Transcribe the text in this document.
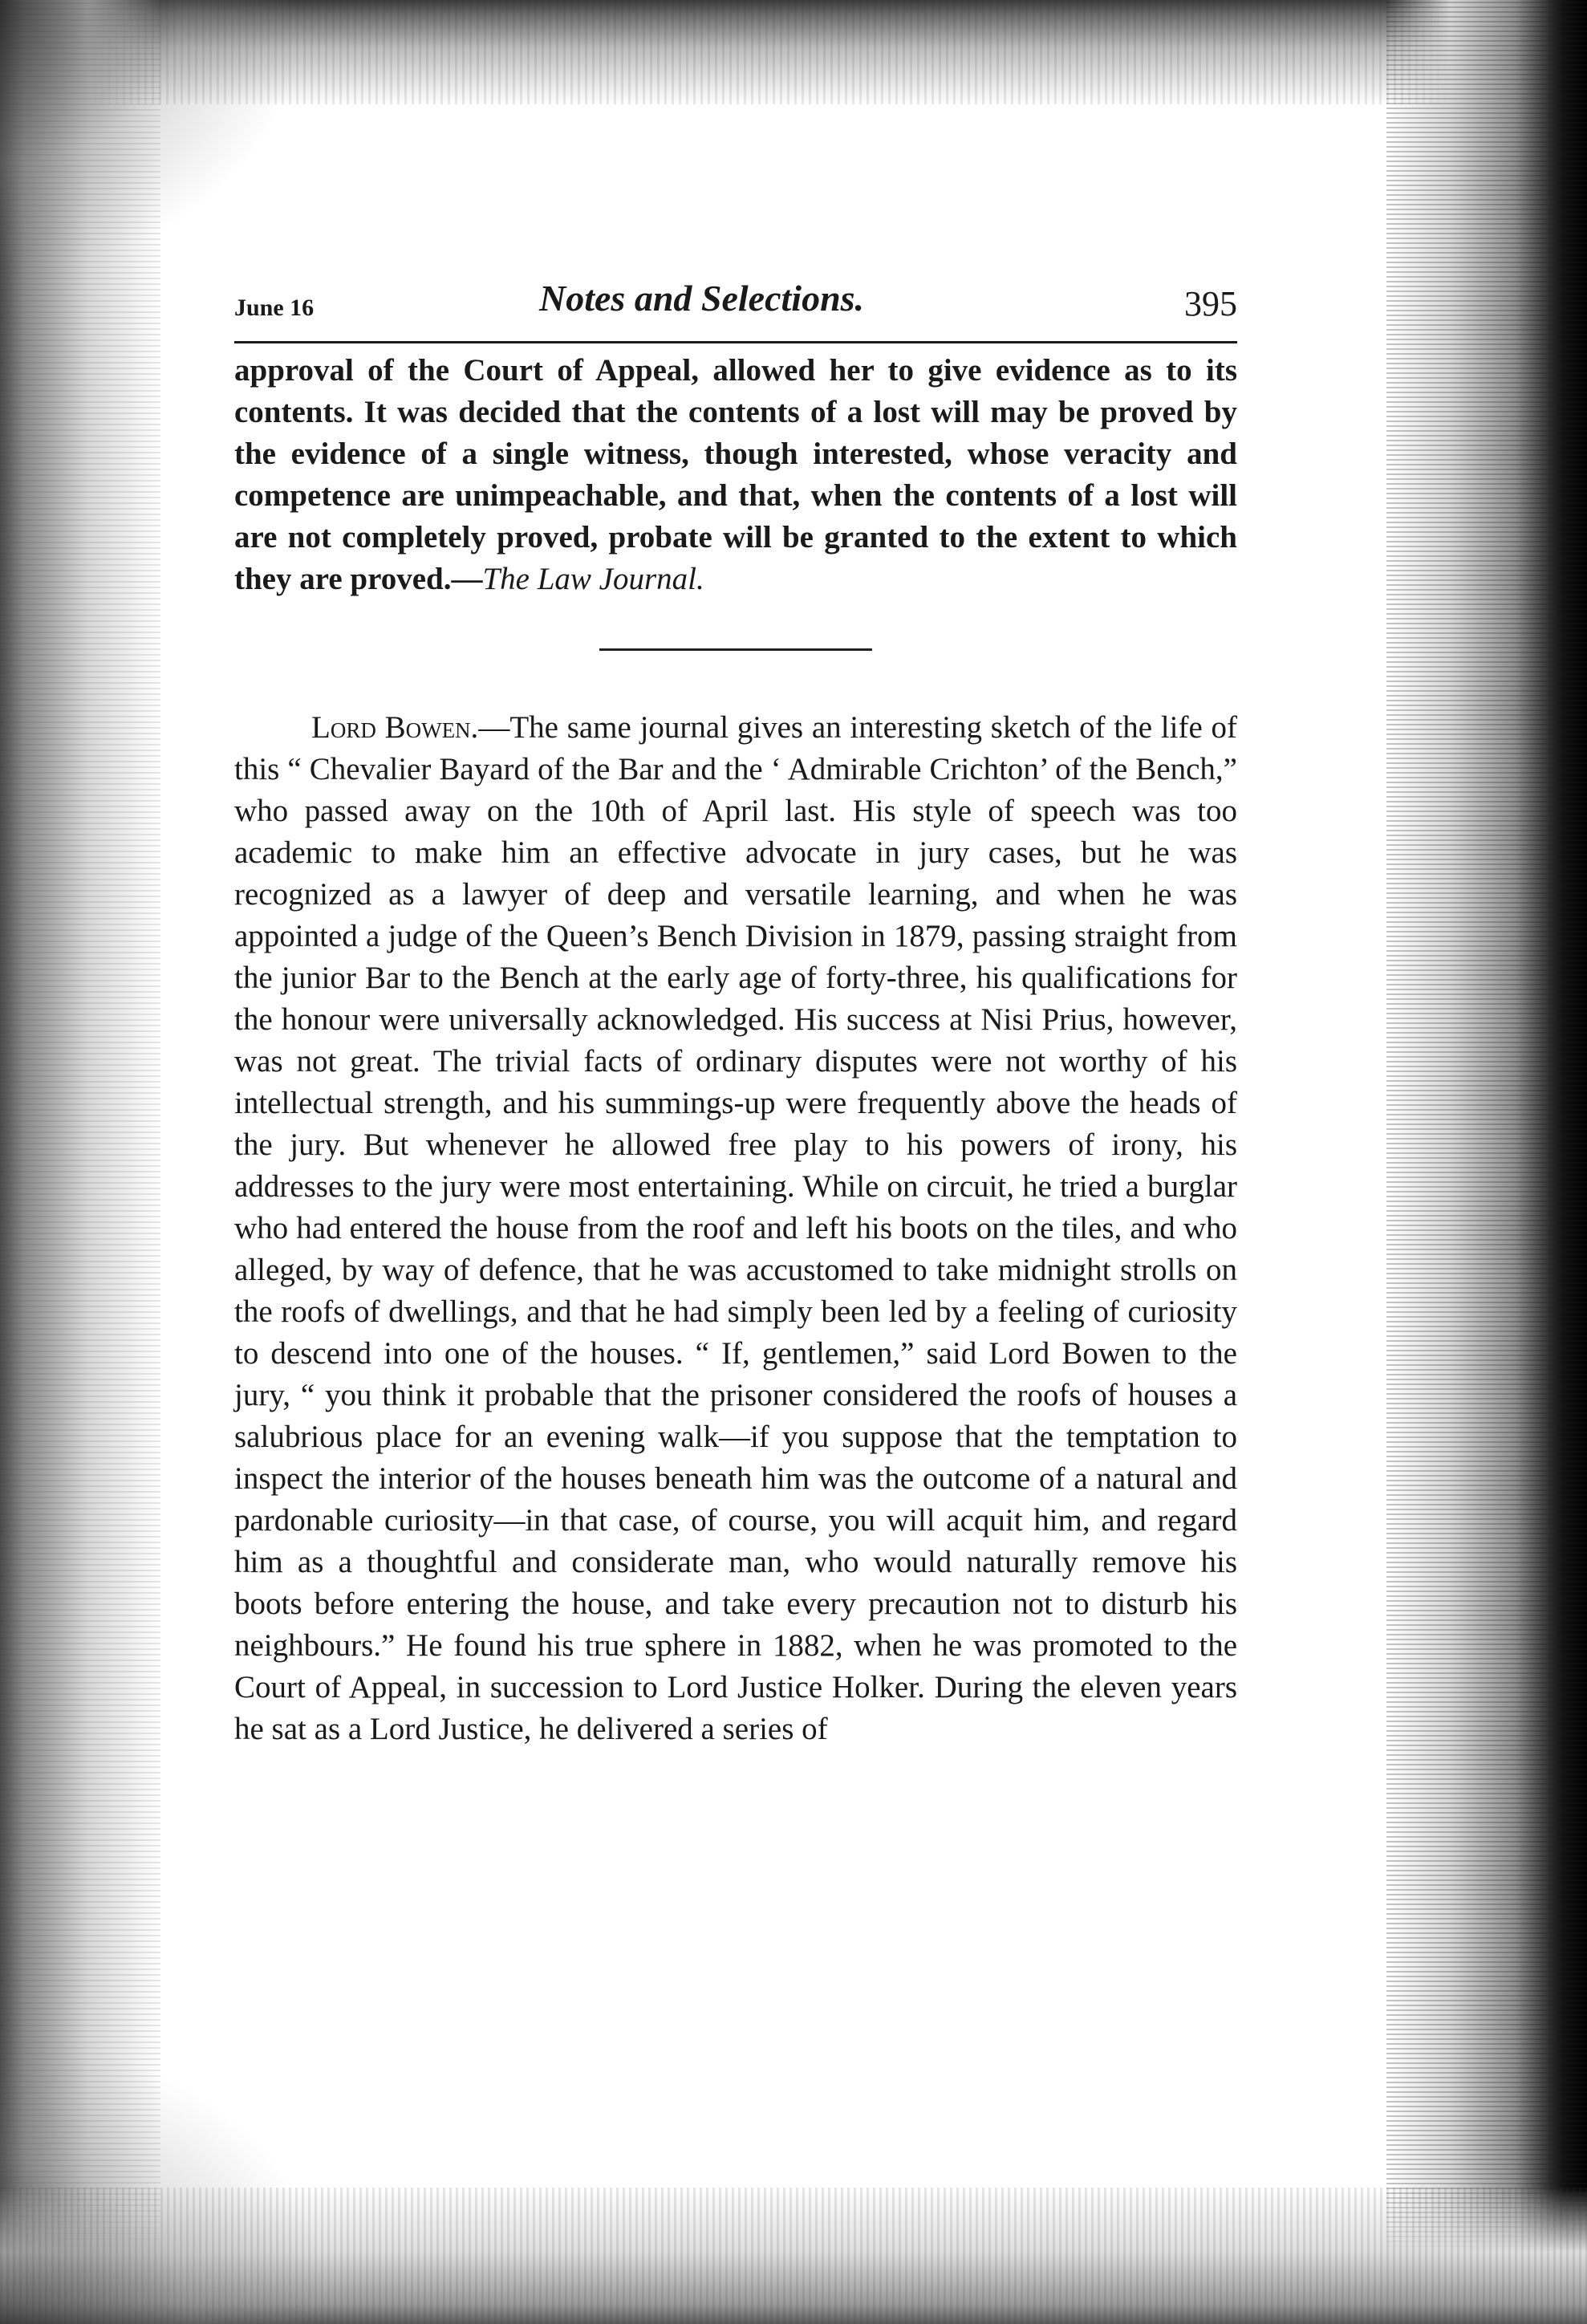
June 16	Notes and Selections.	395

approval of the Court of Appeal, allowed her to give evidence as to its contents. It was decided that the contents of a lost will may be proved by the evidence of a single witness, though interested, whose veracity and competence are unimpeachable, and that, when the contents of a lost will are not completely proved, probate will be granted to the extent to which they are proved.—The Law Journal.

Lord Bowen.—The same journal gives an interesting sketch of the life of this “ Chevalier Bayard of the Bar and the ‘ Admirable Crichton’ of the Bench,” who passed away on the 10th of April last. His style of speech was too academic to make him an effective advocate in jury cases, but he was recognized as a lawyer of deep and versatile learning, and when he was appointed a judge of the Queen’s Bench Division in 1879, passing straight from the junior Bar to the Bench at the early age of forty-three, his qualifications for the honour were universally acknowledged. His success at Nisi Prius, however, was not great. The trivial facts of ordinary disputes were not worthy of his intellectual strength, and his summings-up were frequently above the heads of the jury. But whenever he allowed free play to his powers of irony, his addresses to the jury were most entertaining. While on circuit, he tried a burglar who had entered the house from the roof and left his boots on the tiles, and who alleged, by way of defence, that he was accustomed to take midnight strolls on the roofs of dwellings, and that he had simply been led by a feeling of curiosity to descend into one of the houses. “ If, gentlemen,” said Lord Bowen to the jury, “ you think it probable that the prisoner considered the roofs of houses a salubrious place for an evening walk—if you suppose that the temptation to inspect the interior of the houses beneath him was the outcome of a natural and pardonable curiosity—in that case, of course, you will acquit him, and regard him as a thoughtful and considerate man, who would naturally remove his boots before entering the house, and take every precaution not to disturb his neighbours.” He found his true sphere in 1882, when he was promoted to the Court of Appeal, in succession to Lord Justice Holker. During the eleven years he sat as a Lord Justice, he delivered a series of
